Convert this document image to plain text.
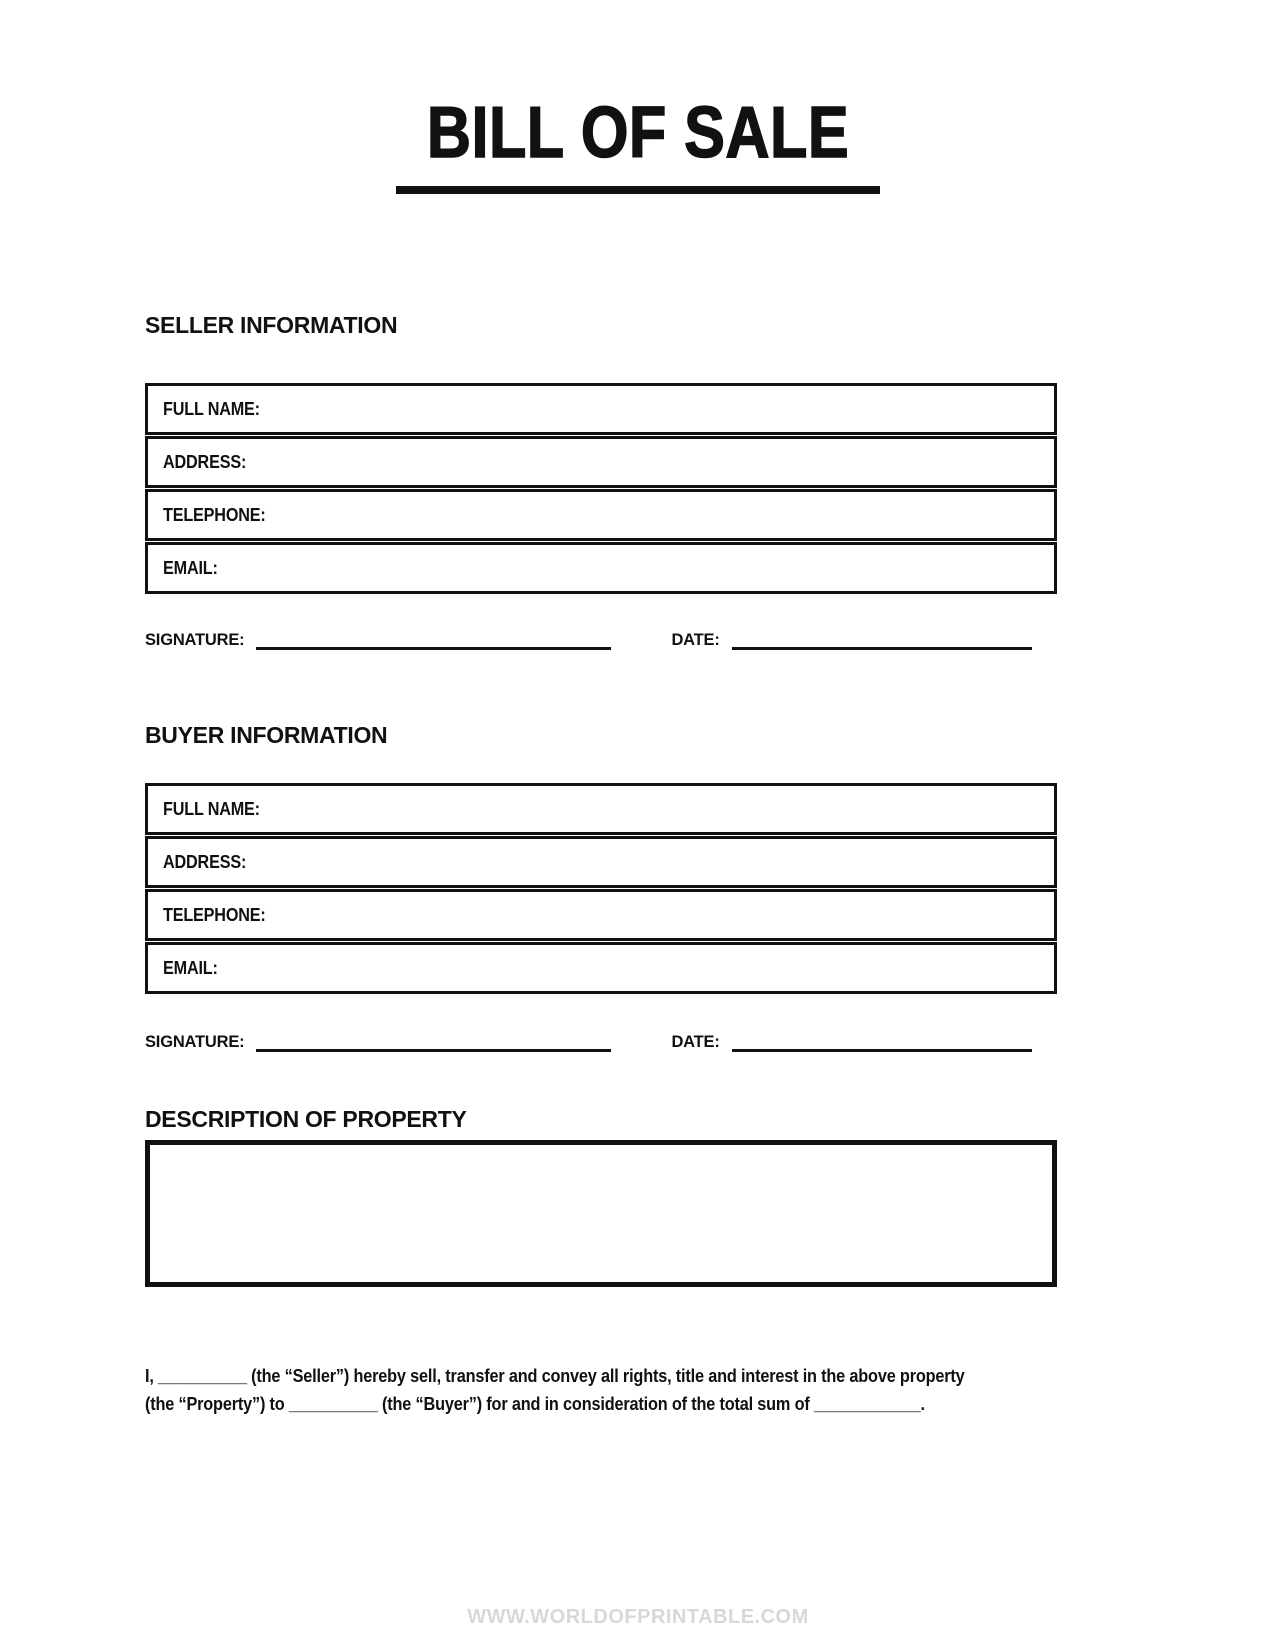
BILL OF SALE
SELLER INFORMATION
FULL NAME:
ADDRESS:
TELEPHONE:
EMAIL:
SIGNATURE:	DATE:
BUYER INFORMATION
FULL NAME:
ADDRESS:
TELEPHONE:
EMAIL:
SIGNATURE:	DATE:
DESCRIPTION OF PROPERTY
I, __________ (the “Seller”) hereby sell, transfer and convey all rights, title and interest in the above property
(the “Property”) to __________ (the “Buyer”) for and in consideration of the total sum of ____________.
WWW.WORLDOFPRINTABLE.COM
